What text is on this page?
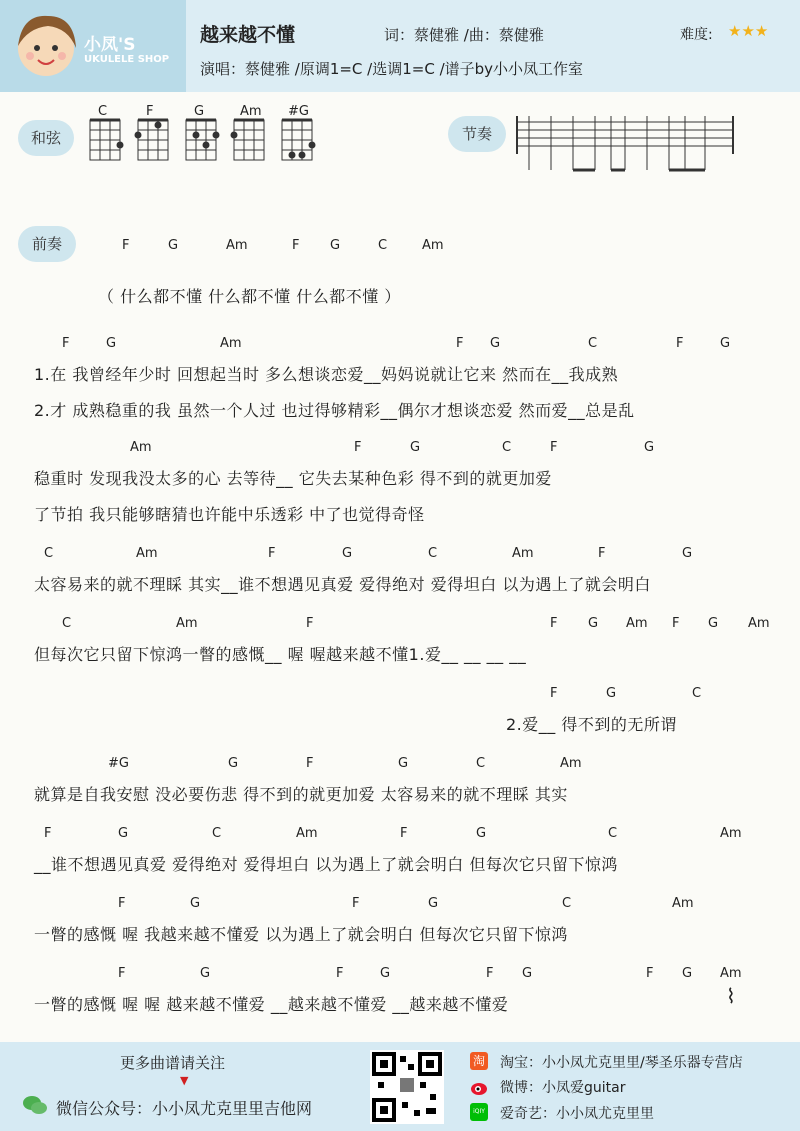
小凤'S
UKULELE SHOP
越来越不懂	词：蔡健雅 /曲：蔡健雅	难度: ★★★
演唱：蔡健雅 /原调1=C /选调1=C /谱子by小小凤工作室
和弦
C	F	G	Am #G
节奏
前奏	F	G	Am	F G	C	Am
（ 什么都不懂 什么都不懂 什么都不懂 ）
F	G	Am	F G	C	F	G
1.在 我曾经年少时 回想起当时 多么想谈恋爱__妈妈说就让它来 然而在__我成熟
2.才 成熟稳重的我 虽然一个人过 也过得够精彩__偶尔才想谈恋爱 然而爱__总是乱
Am	F	G	C	F	G
稳重时 发现我没太多的心 去等待__ 它失去某种色彩 得不到的就更加爱
了节拍 我只能够瞎猜也许能中乐透彩 中了也觉得奇怪
C	Am	F	G	C	Am	F	G
太容易来的就不理睬 其实__谁不想遇见真爱 爱得绝对 爱得坦白 以为遇上了就会明白
C	Am	F	F G Am F G Am
但每次它只留下惊鸿一瞥的感慨__ 喔 喔越来越不懂1.爱__ __ __ __
F	G	C
2.爱__ 得不到的无所谓
#G	G	F	G	C	Am
就算是自我安慰 没必要伤悲 得不到的就更加爱 太容易来的就不理睬 其实
F	G	C	Am	F	G	C	Am
__谁不想遇见真爱 爱得绝对 爱得坦白 以为遇上了就会明白 但每次它只留下惊鸿
F	G	F	G	C	Am
一瞥的感慨 喔 我越来越不懂爱 以为遇上了就会明白 但每次它只留下惊鸿
F	G	F	G	F G	F G Am
一瞥的感慨 喔 喔 越来越不懂爱 __越来越不懂爱 __越来越不懂爱	⌇
更多曲谱请关注
▼
微信公众号：小小凤尤克里里吉他网
淘 淘宝：小小凤尤克里里/琴圣乐器专营店
微博：小凤爱guitar
iQIY 爱奇艺：小小凤尤克里里
